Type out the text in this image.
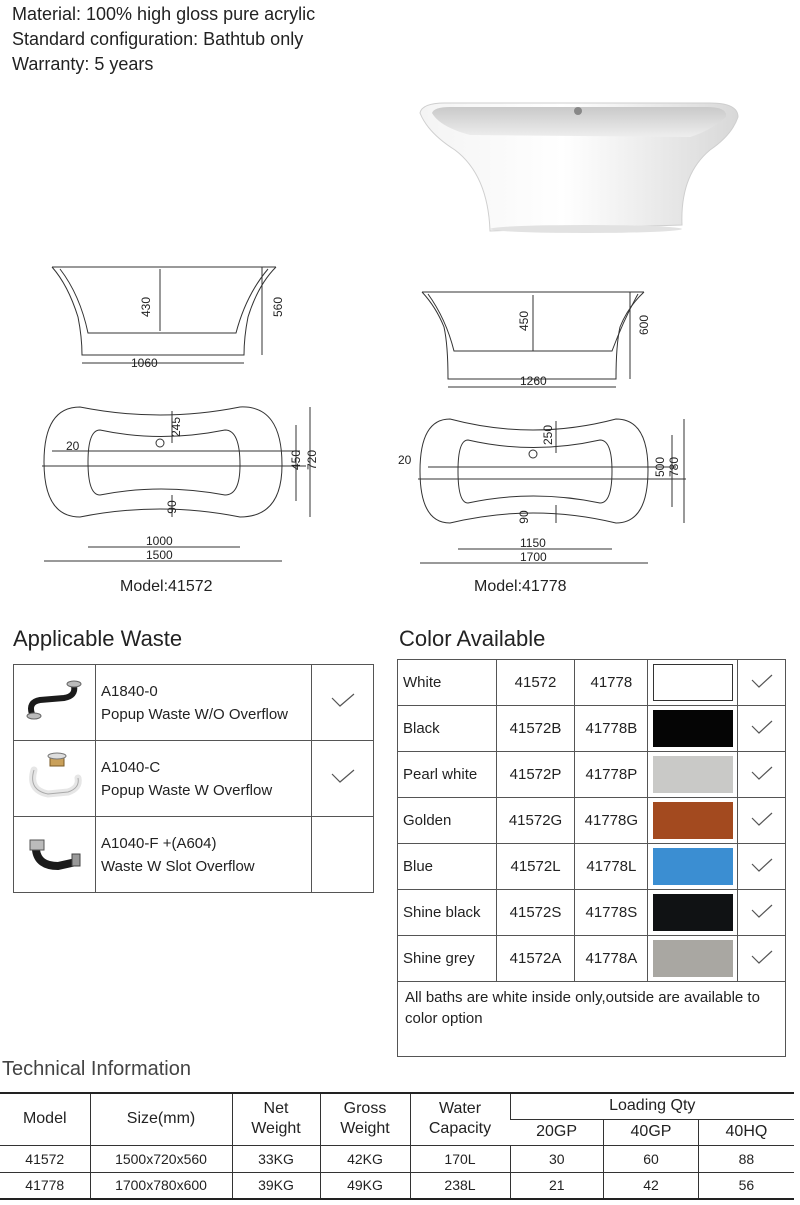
Material: 100% high gloss pure acrylic
Standard configuration: Bathtub only
Warranty: 5 years
1060
430	560
245
20
450 720
90
1000
1500
1260
450	600
250
20	500 780
90
1150
1700
Model:41572	Model:41778
Applicable Waste

A1840-0
Popup Waste W/O Overflow

A1040-C
Popup Waste W Overflow

A1040-F +(A604)
Waste W Slot Overflow	

Color Available
White	41572	41778		
Black	41572B	41778B		
Pearl white	41572P	41778P		
Golden	41572G	41778G		
Blue	41572L	41778L		
Shine black	41572S	41778S		
Shine grey	41572A	41778A		
All baths are white inside only,outside are available to color option				
Technical Information
Model	Size(mm)	Net Weight	Gross Weight	Water Capacity	Loading Qty		
					20GP	40GP	40HQ
41572	1500x720x560	33KG	42KG	170L	30	60	88
41778	1700x780x600	39KG	49KG	238L	21	42	56
